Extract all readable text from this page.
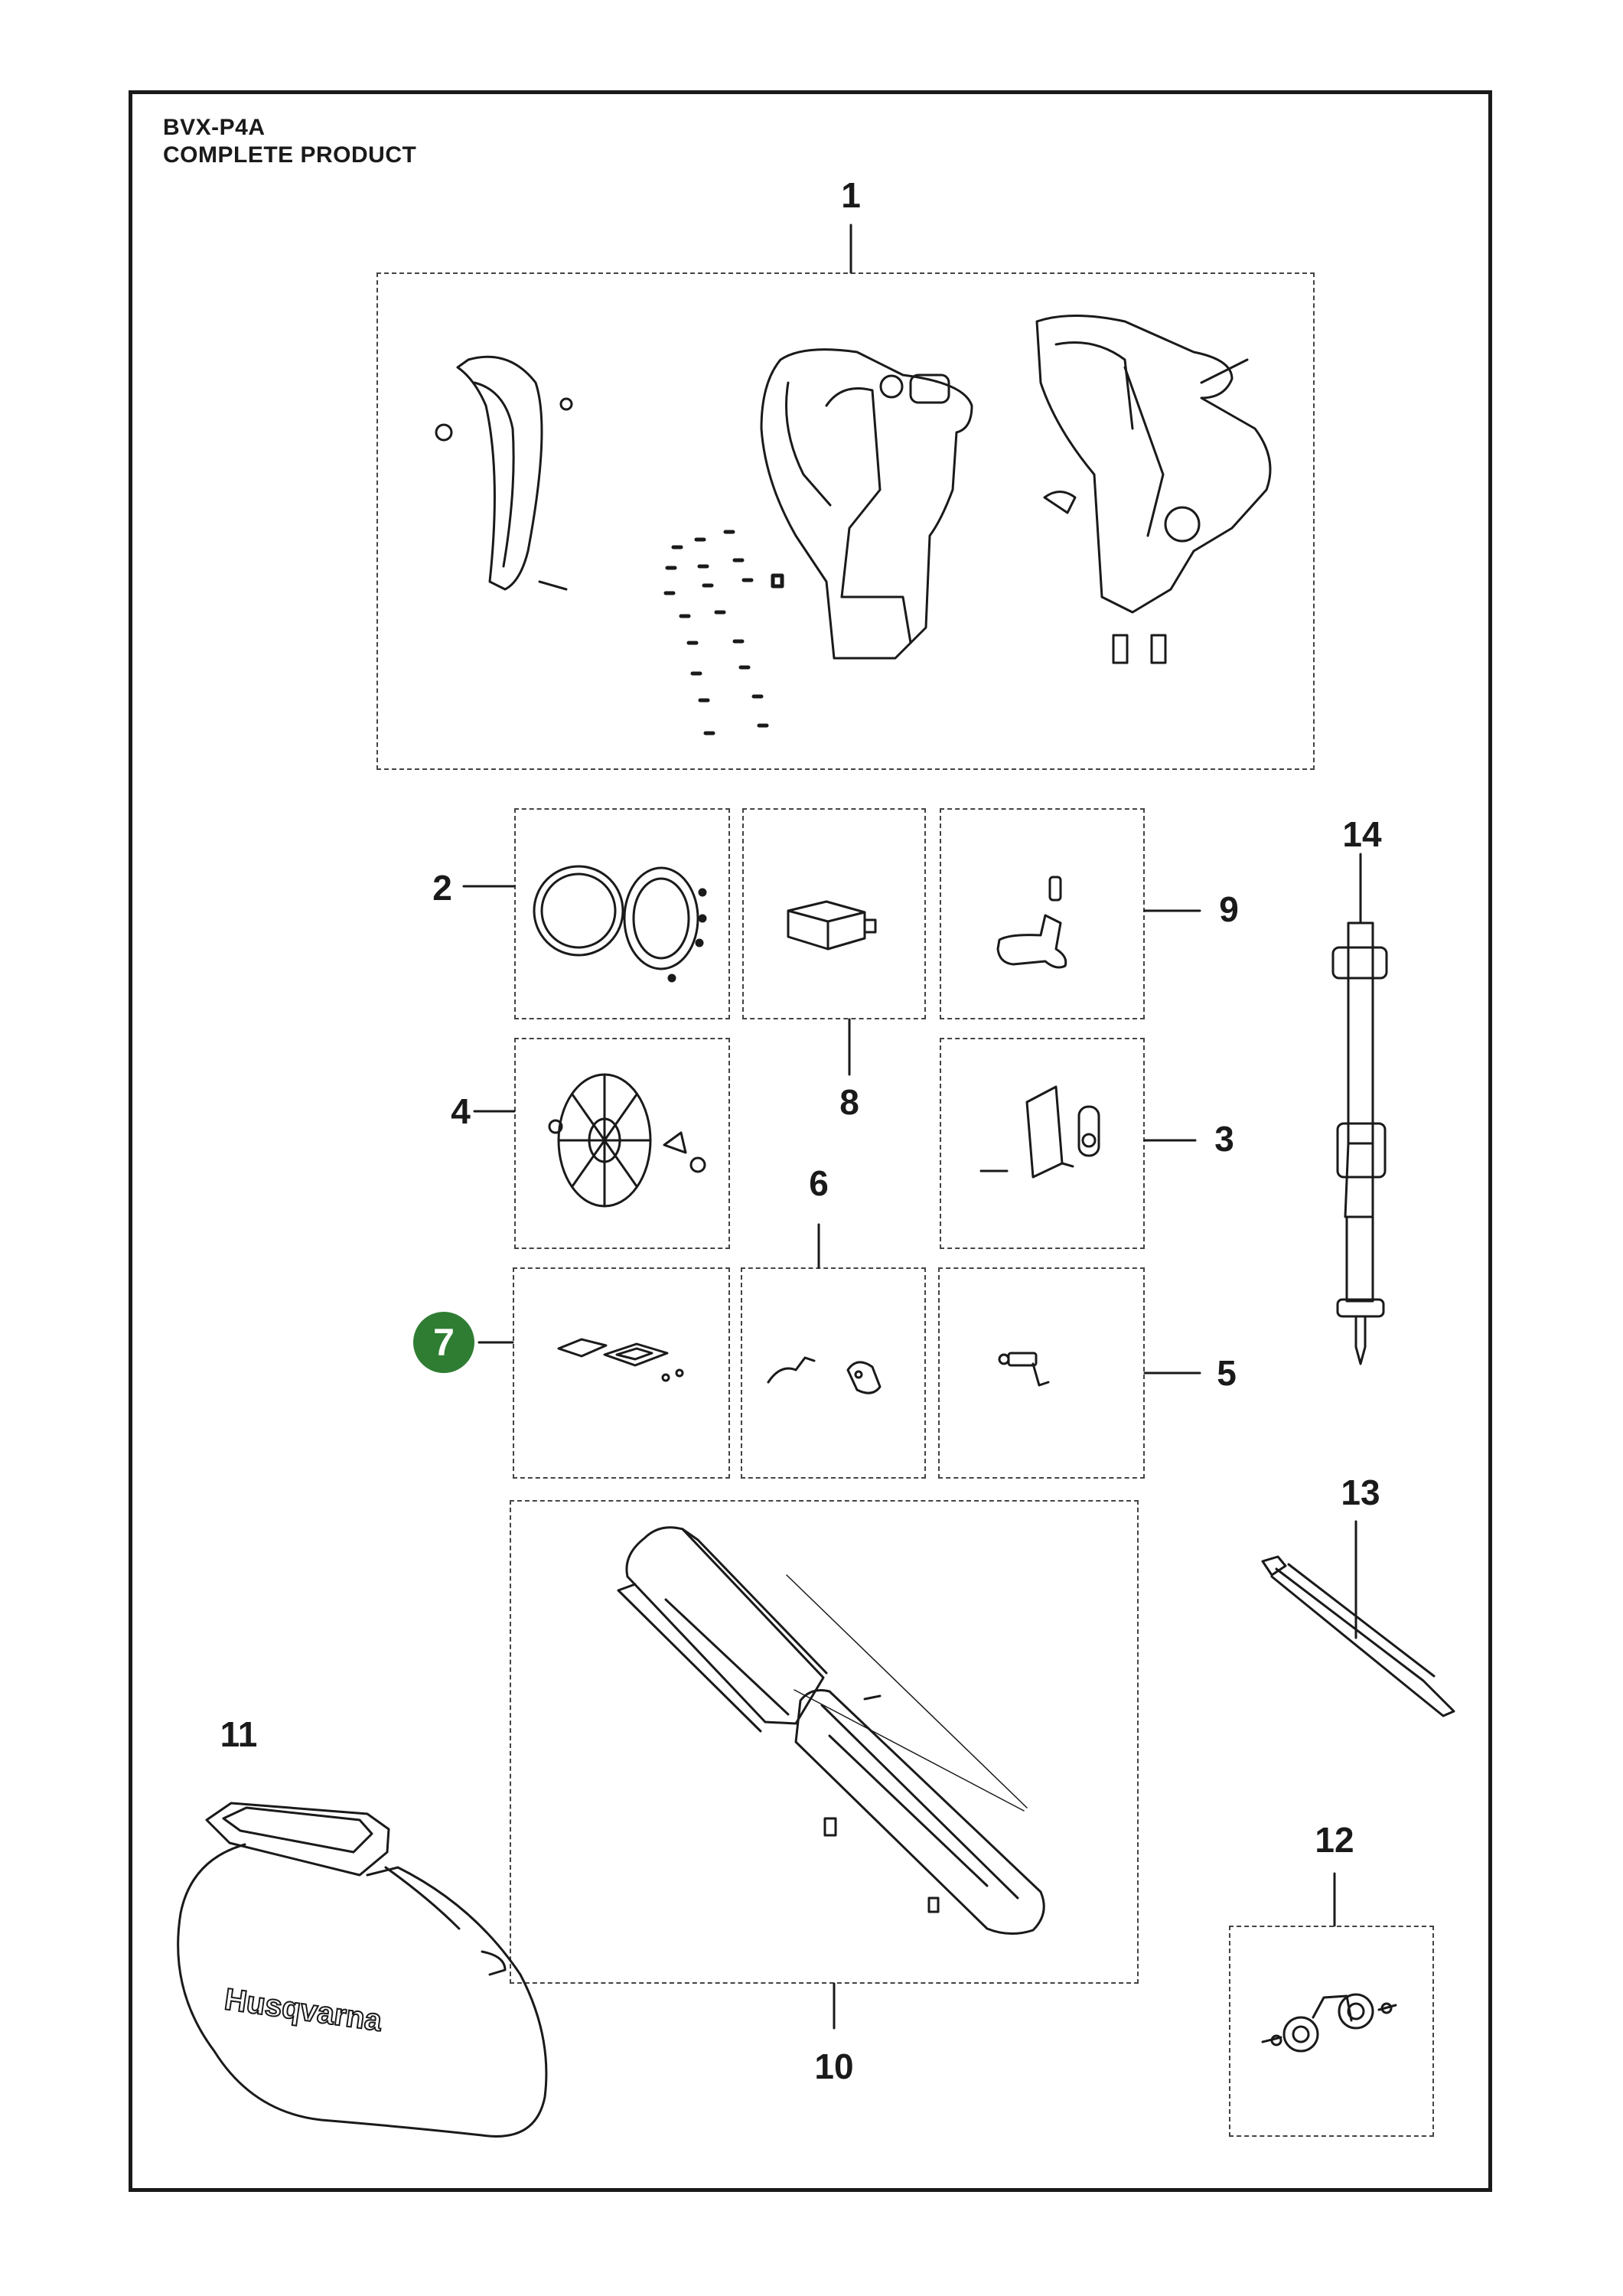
BVX-P4A
COMPLETE PRODUCT
Husqvarna
1
2
3
4
5
6
7
8
9
10
11
12
13
14
